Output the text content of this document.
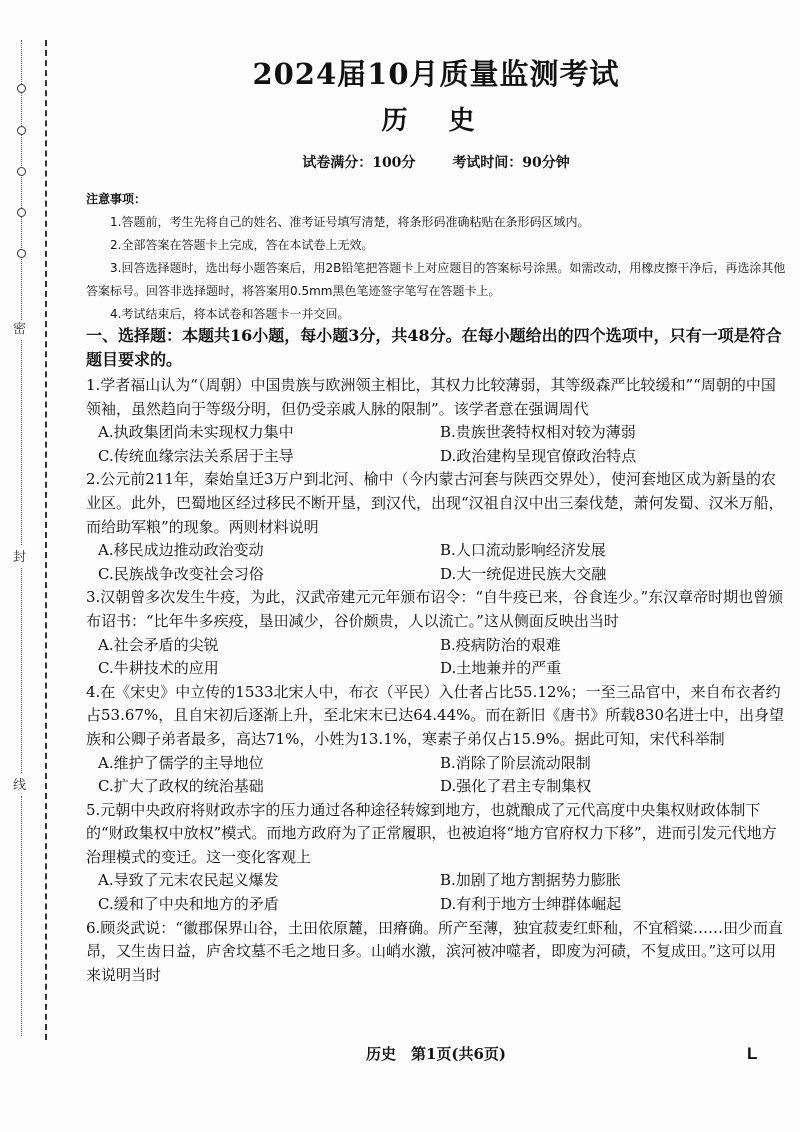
密
封
线
2024届10月质量监测考试
历 史
试卷满分：100分	考试时间：90分钟
注意事项：
1.答题前，考生先将自己的姓名、准考证号填写清楚，将条形码准确粘贴在条形码区域内。
2.全部答案在答题卡上完成，答在本试卷上无效。
3.回答选择题时，选出每小题答案后，用2B铅笔把答题卡上对应题目的答案标号涂黑。如需改动，用橡皮擦干净后，再选涂其他答案标号。回答非选择题时，将答案用0.5mm黑色笔迹签字笔写在答题卡上。
4.考试结束后，将本试卷和答题卡一并交回。
一、选择题：本题共16小题，每小题3分，共48分。在每小题给出的四个选项中，只有一项是符合题目要求的。
1.学者福山认为“（周朝）中国贵族与欧洲领主相比，其权力比较薄弱，其等级森严比较缓和”“周朝的中国领袖，虽然趋向于等级分明，但仍受亲戚人脉的限制”。该学者意在强调周代
A.执政集团尚未实现权力集中	B.贵族世袭特权相对较为薄弱
C.传统血缘宗法关系居于主导	D.政治建构呈现官僚政治特点
2.公元前211年，秦始皇迁3万户到北河、榆中（今内蒙古河套与陕西交界处），使河套地区成为新垦的农业区。此外，巴蜀地区经过移民不断开垦，到汉代，出现“汉祖自汉中出三秦伐楚，萧何发蜀、汉米万船，而给助军粮”的现象。两则材料说明
A.移民成边推动政治变动	B.人口流动影响经济发展
C.民族战争改变社会习俗	D.大一统促进民族大交融
3.汉朝曾多次发生牛疫，为此，汉武帝建元元年颁布诏令：“自牛疫已来，谷食连少。”东汉章帝时期也曾颁布诏书：“比年牛多疾疫，垦田减少，谷价颇贵，人以流亡。”这从侧面反映出当时
A.社会矛盾的尖锐	B.疫病防治的艰难
C.牛耕技术的应用	D.土地兼并的严重
4.在《宋史》中立传的1533北宋人中，布衣（平民）入仕者占比55.12%；一至三品官中，来自布衣者约占53.67%，且自宋初后逐渐上升，至北宋末已达64.44%。而在新旧《唐书》所载830名进士中，出身望族和公卿子弟者最多，高达71%，小姓为13.1%，寒素子弟仅占15.9%。据此可知，宋代科举制
A.维护了儒学的主导地位	B.消除了阶层流动限制
C.扩大了政权的统治基础	D.强化了君主专制集权
5.元朝中央政府将财政赤字的压力通过各种途径转嫁到地方，也就酿成了元代高度中央集权财政体制下的“财政集权中放权”模式。而地方政府为了正常履职，也被迫将“地方官府权力下移”，进而引发元代地方治理模式的变迁。这一变化客观上
A.导致了元末农民起义爆发	B.加剧了地方割据势力膨胀
C.缓和了中央和地方的矛盾	D.有利于地方士绅群体崛起
6.顾炎武说：“徽郡保界山谷，土田依原麓，田瘠确。所产至薄，独宜菽麦红虾秈，不宜稻粱……田少而直昂，又生齿日益，庐舍坟墓不毛之地日多。山峭水激，滨河被冲噬者，即废为河碛，不复成田。”这可以用来说明当时
历史　第1页(共6页)	L
